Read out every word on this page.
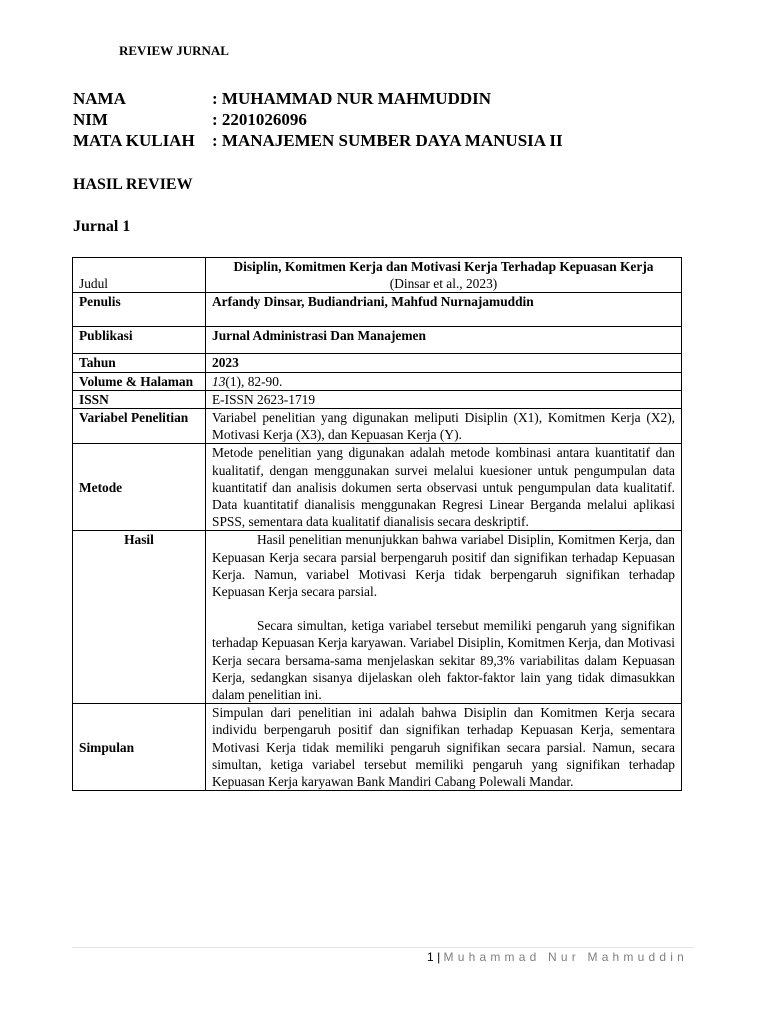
REVIEW JURNAL
NAMA	: MUHAMMAD NUR MAHMUDDIN
NIM	: 2201026096
MATA KULIAH	: MANAJEMEN SUMBER DAYA MANUSIA II
HASIL REVIEW
Jurnal 1
Judul	Disiplin, Komitmen Kerja dan Motivasi Kerja Terhadap Kepuasan Kerja (Dinsar et al., 2023)
Penulis	Arfandy Dinsar, Budiandriani, Mahfud Nurnajamuddin
Publikasi	Jurnal Administrasi Dan Manajemen
Tahun	2023
Volume & Halaman	13(1), 82-90.
ISSN	E-ISSN 2623-1719
Variabel Penelitian	Variabel penelitian yang digunakan meliputi Disiplin (X1), Komitmen Kerja (X2), Motivasi Kerja (X3), dan Kepuasan Kerja (Y).
Metode	Metode penelitian yang digunakan adalah metode kombinasi antara kuantitatif dan kualitatif, dengan menggunakan survei melalui kuesioner untuk pengumpulan data kuantitatif dan analisis dokumen serta observasi untuk pengumpulan data kualitatif. Data kuantitatif dianalisis menggunakan Regresi Linear Berganda melalui aplikasi SPSS, sementara data kualitatif dianalisis secara deskriptif.
Hasil	Hasil penelitian menunjukkan bahwa variabel Disiplin, Komitmen Kerja, dan Kepuasan Kerja secara parsial berpengaruh positif dan signifikan terhadap Kepuasan Kerja. Namun, variabel Motivasi Kerja tidak berpengaruh signifikan terhadap Kepuasan Kerja secara parsial.

Secara simultan, ketiga variabel tersebut memiliki pengaruh yang signifikan terhadap Kepuasan Kerja karyawan. Variabel Disiplin, Komitmen Kerja, dan Motivasi Kerja secara bersama-sama menjelaskan sekitar 89,3% variabilitas dalam Kepuasan Kerja, sedangkan sisanya dijelaskan oleh faktor-faktor lain yang tidak dimasukkan dalam penelitian ini.

Simpulan	Simpulan dari penelitian ini adalah bahwa Disiplin dan Komitmen Kerja secara individu berpengaruh positif dan signifikan terhadap Kepuasan Kerja, sementara Motivasi Kerja tidak memiliki pengaruh signifikan secara parsial. Namun, secara simultan, ketiga variabel tersebut memiliki pengaruh yang signifikan terhadap Kepuasan Kerja karyawan Bank Mandiri Cabang Polewali Mandar.
1 | Muhammad Nur Mahmuddin
